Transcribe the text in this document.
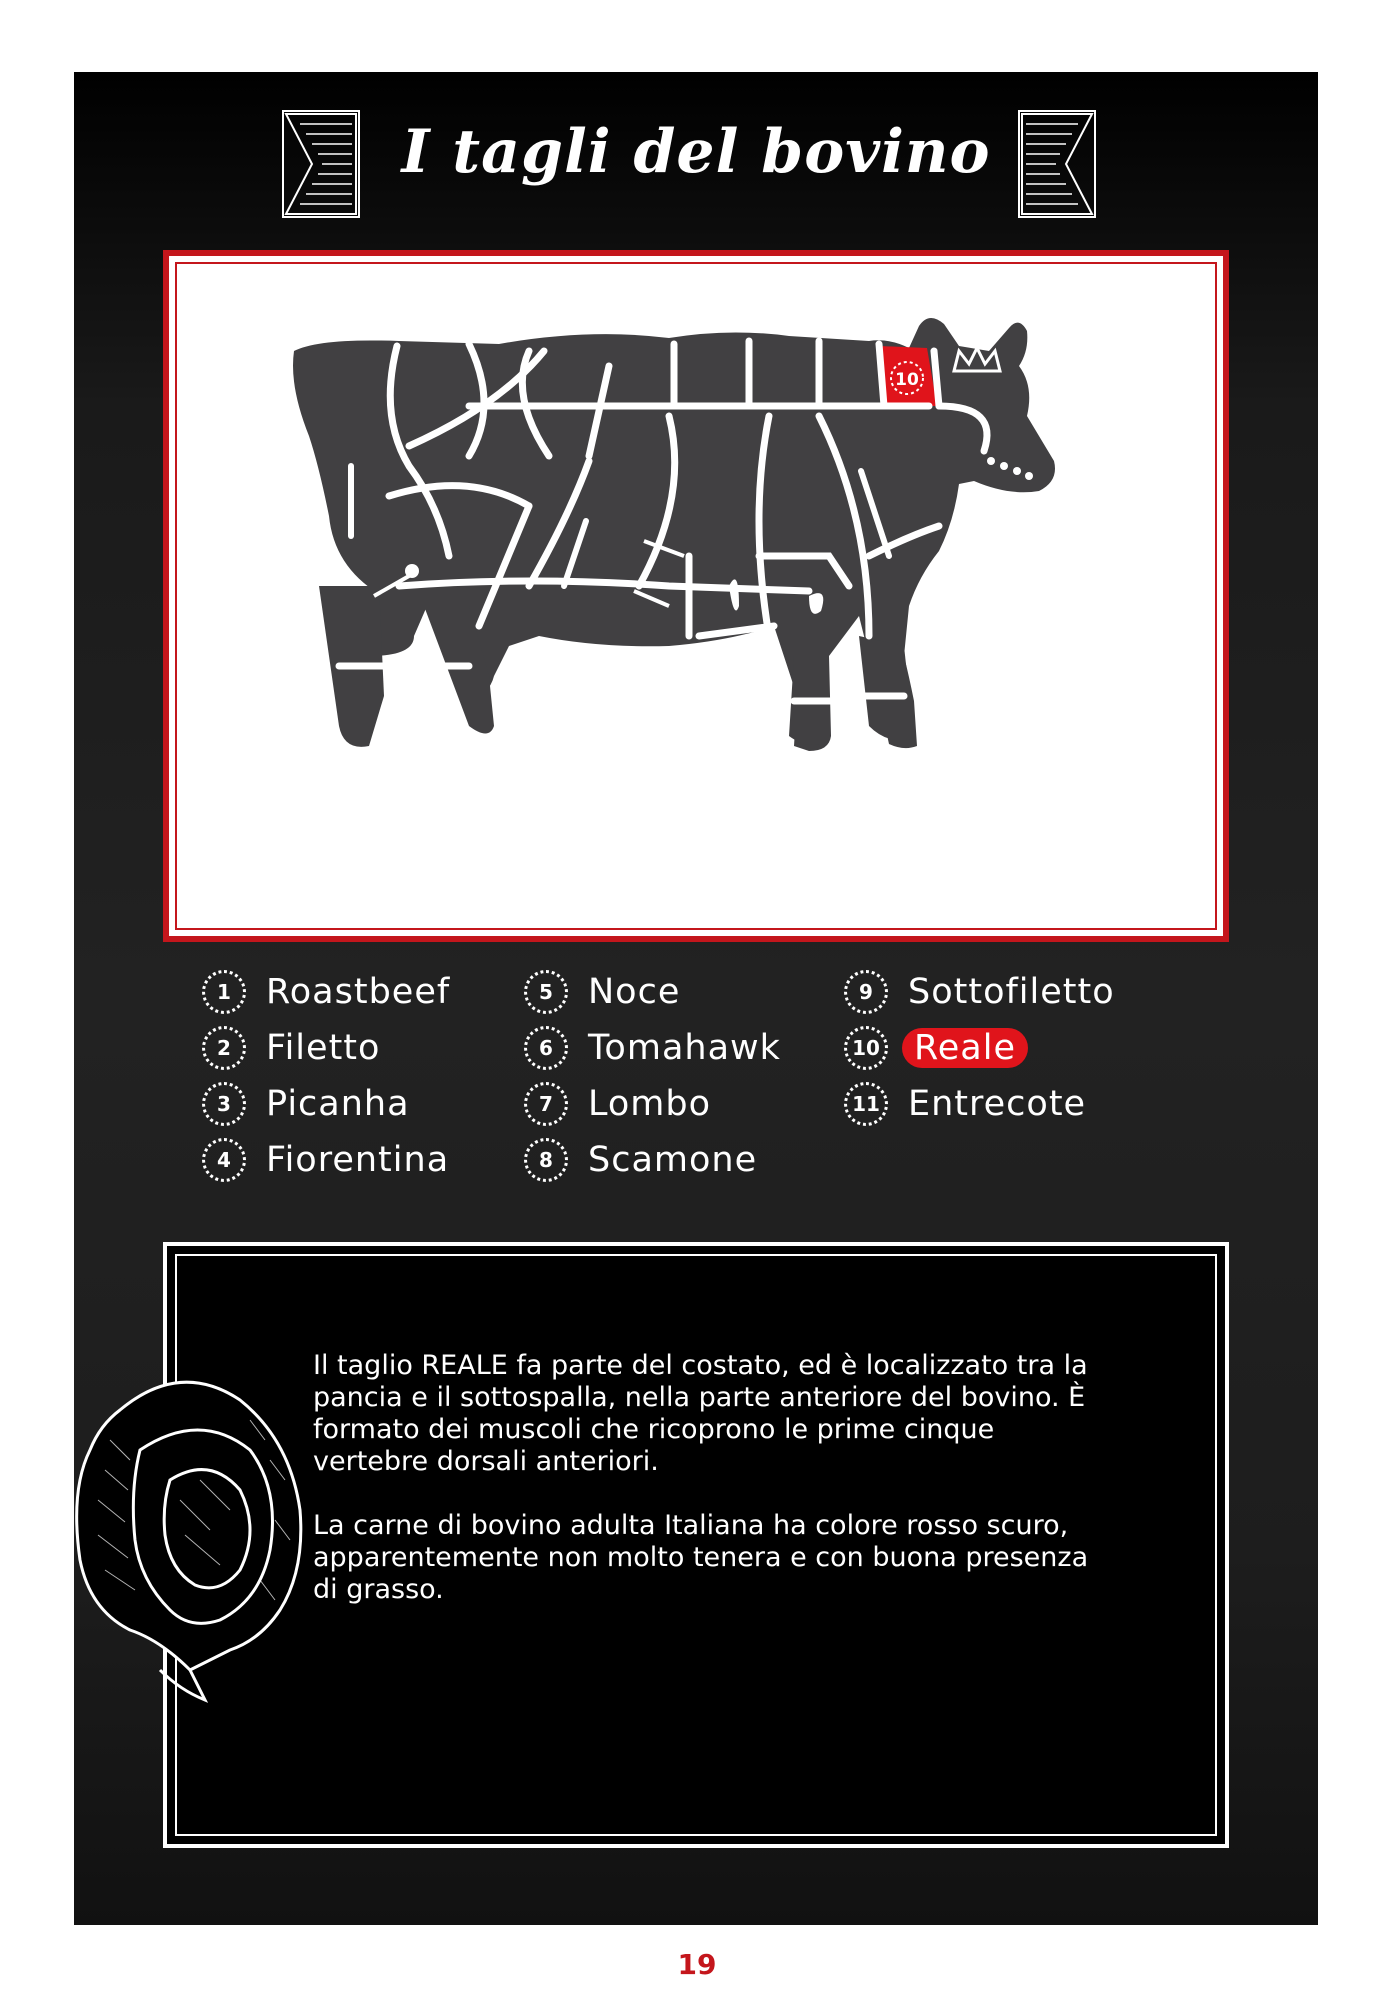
I tagli del bovino
10
1	Roastbeef
2	Filetto
3	Picanha
4	Fiorentina
5	Noce
6	Tomahawk
7	Lombo
8	Scamone
9	Sottofiletto
10 Reale
11 Entrecote

Il taglio REALE fa parte del costato, ed è localizzato tra la pancia e il sottospalla, nella parte anteriore del bovino. È formato dei muscoli che ricoprono le prime cinque vertebre dorsali anteriori.

La carne di bovino adulta Italiana ha colore rosso scuro, apparentemente non molto tenera e con buona presenza di grasso.

19
